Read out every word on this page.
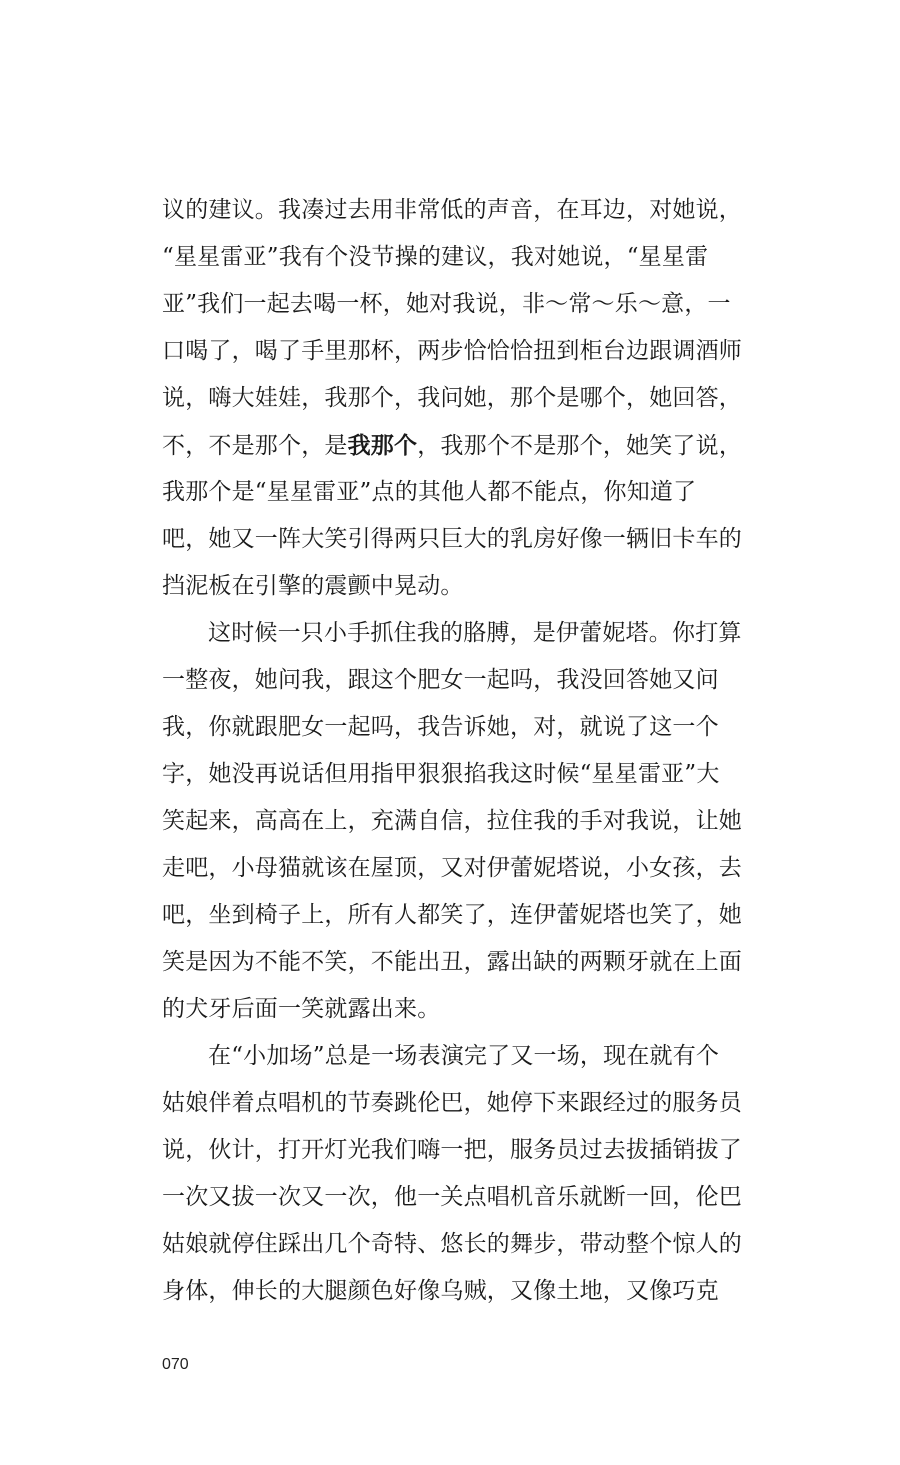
议的建议。我凑过去用非常低的声音，在耳边，对她说，
“星星雷亚”我有个没节操的建议，我对她说，“星星雷
亚”我们一起去喝一杯，她对我说，非～常～乐～意，一
口喝了，喝了手里那杯，两步恰恰恰扭到柜台边跟调酒师
说，嗨大娃娃，我那个，我问她，那个是哪个，她回答，
不，不是那个，是我那个，我那个不是那个，她笑了说，
我那个是“星星雷亚”点的其他人都不能点，你知道了
吧，她又一阵大笑引得两只巨大的乳房好像一辆旧卡车的
挡泥板在引擎的震颤中晃动。
这时候一只小手抓住我的胳膊，是伊蕾妮塔。你打算
一整夜，她问我，跟这个肥女一起吗，我没回答她又问
我，你就跟肥女一起吗，我告诉她，对，就说了这一个
字，她没再说话但用指甲狠狠掐我这时候“星星雷亚”大
笑起来，高高在上，充满自信，拉住我的手对我说，让她
走吧，小母猫就该在屋顶，又对伊蕾妮塔说，小女孩，去
吧，坐到椅子上，所有人都笑了，连伊蕾妮塔也笑了，她
笑是因为不能不笑，不能出丑，露出缺的两颗牙就在上面
的犬牙后面一笑就露出来。
在“小加场”总是一场表演完了又一场，现在就有个
姑娘伴着点唱机的节奏跳伦巴，她停下来跟经过的服务员
说，伙计，打开灯光我们嗨一把，服务员过去拔插销拔了
一次又拔一次又一次，他一关点唱机音乐就断一回，伦巴
姑娘就停住踩出几个奇特、悠长的舞步，带动整个惊人的
身体，伸长的大腿颜色好像乌贼，又像土地，又像巧克
070
